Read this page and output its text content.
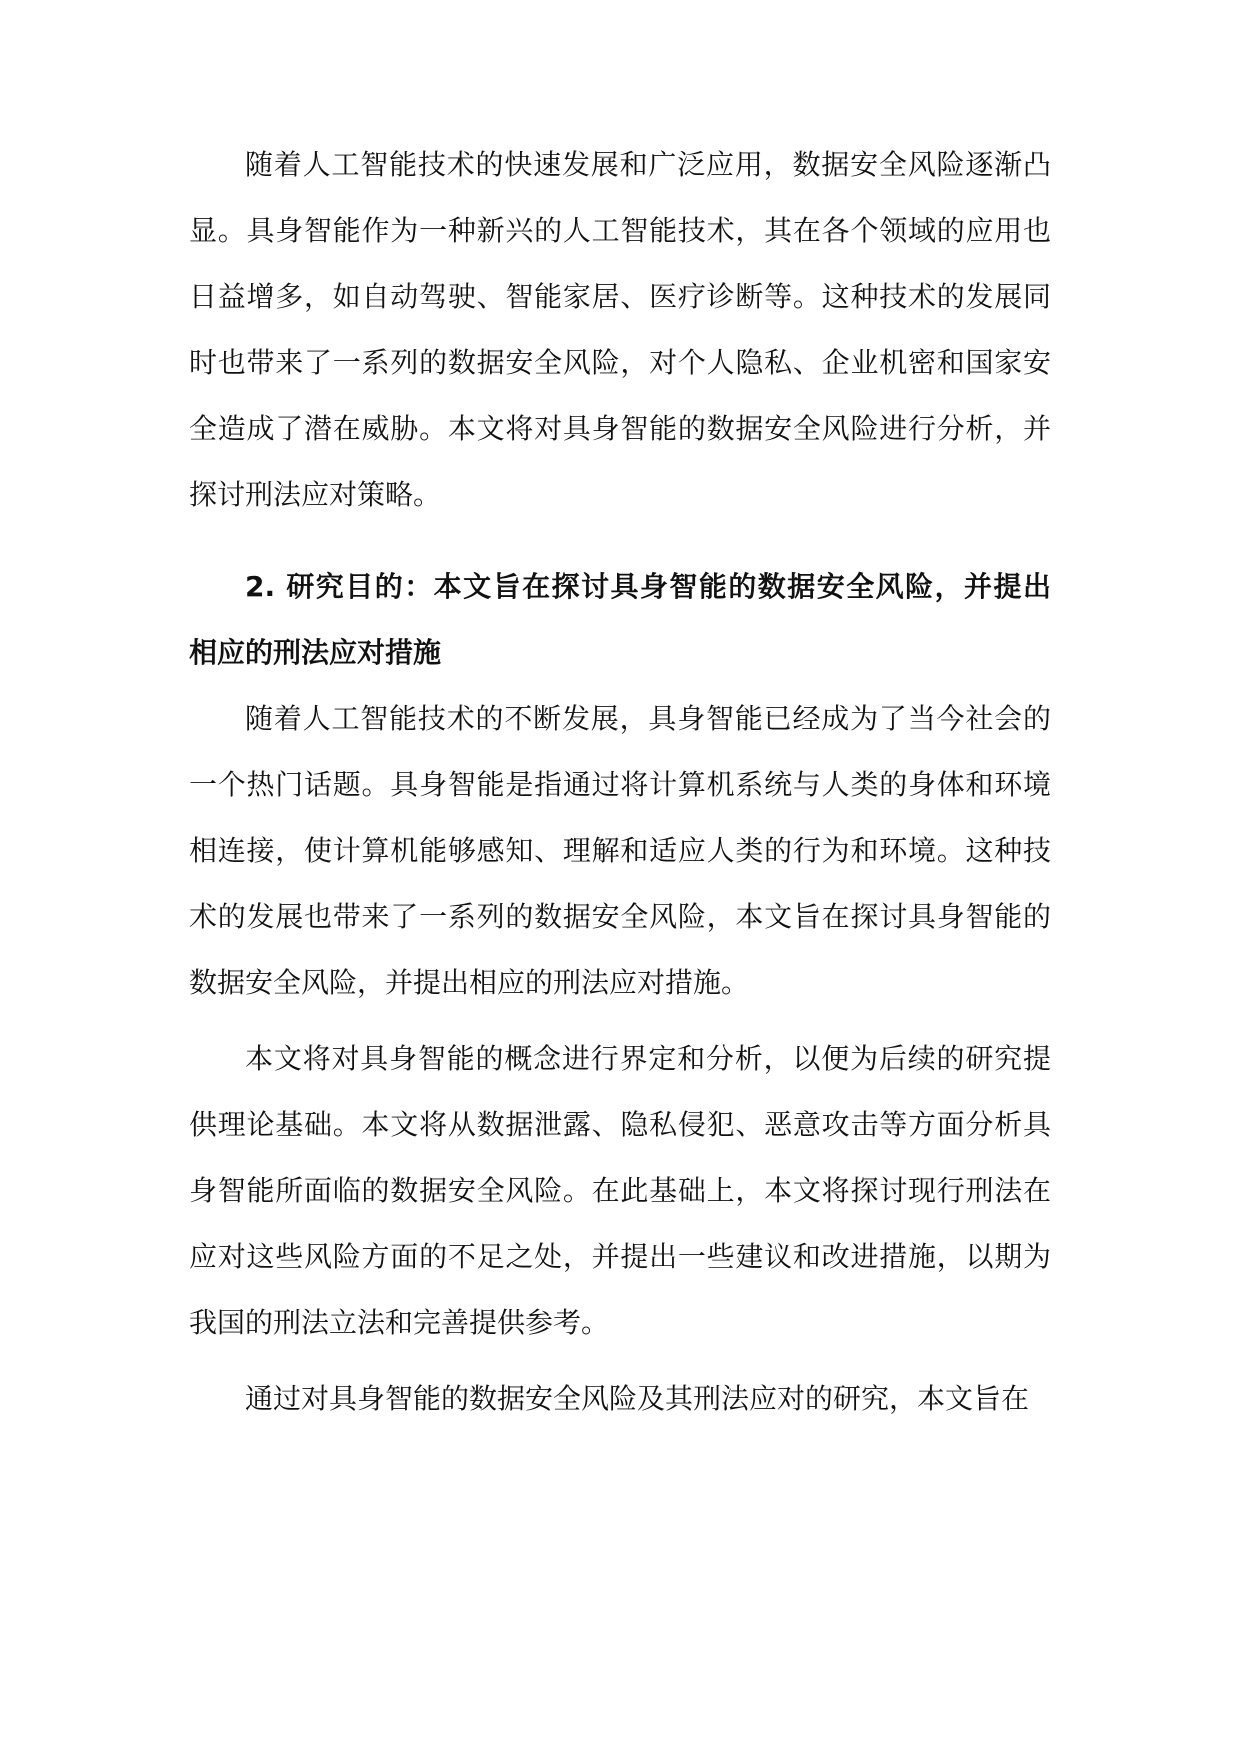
随着人工智能技术的快速发展和广泛应用，数据安全风险逐渐凸
显。具身智能作为一种新兴的人工智能技术，其在各个领域的应用也
日益增多，如自动驾驶、智能家居、医疗诊断等。这种技术的发展同
时也带来了一系列的数据安全风险，对个人隐私、企业机密和国家安
全造成了潜在威胁。本文将对具身智能的数据安全风险进行分析，并
探讨刑法应对策略。
2. 研究目的：本文旨在探讨具身智能的数据安全风险，并提出
相应的刑法应对措施
随着人工智能技术的不断发展，具身智能已经成为了当今社会的
一个热门话题。具身智能是指通过将计算机系统与人类的身体和环境
相连接，使计算机能够感知、理解和适应人类的行为和环境。这种技
术的发展也带来了一系列的数据安全风险，本文旨在探讨具身智能的
数据安全风险，并提出相应的刑法应对措施。
本文将对具身智能的概念进行界定和分析，以便为后续的研究提
供理论基础。本文将从数据泄露、隐私侵犯、恶意攻击等方面分析具
身智能所面临的数据安全风险。在此基础上，本文将探讨现行刑法在
应对这些风险方面的不足之处，并提出一些建议和改进措施，以期为
我国的刑法立法和完善提供参考。
通过对具身智能的数据安全风险及其刑法应对的研究，本文旨在
